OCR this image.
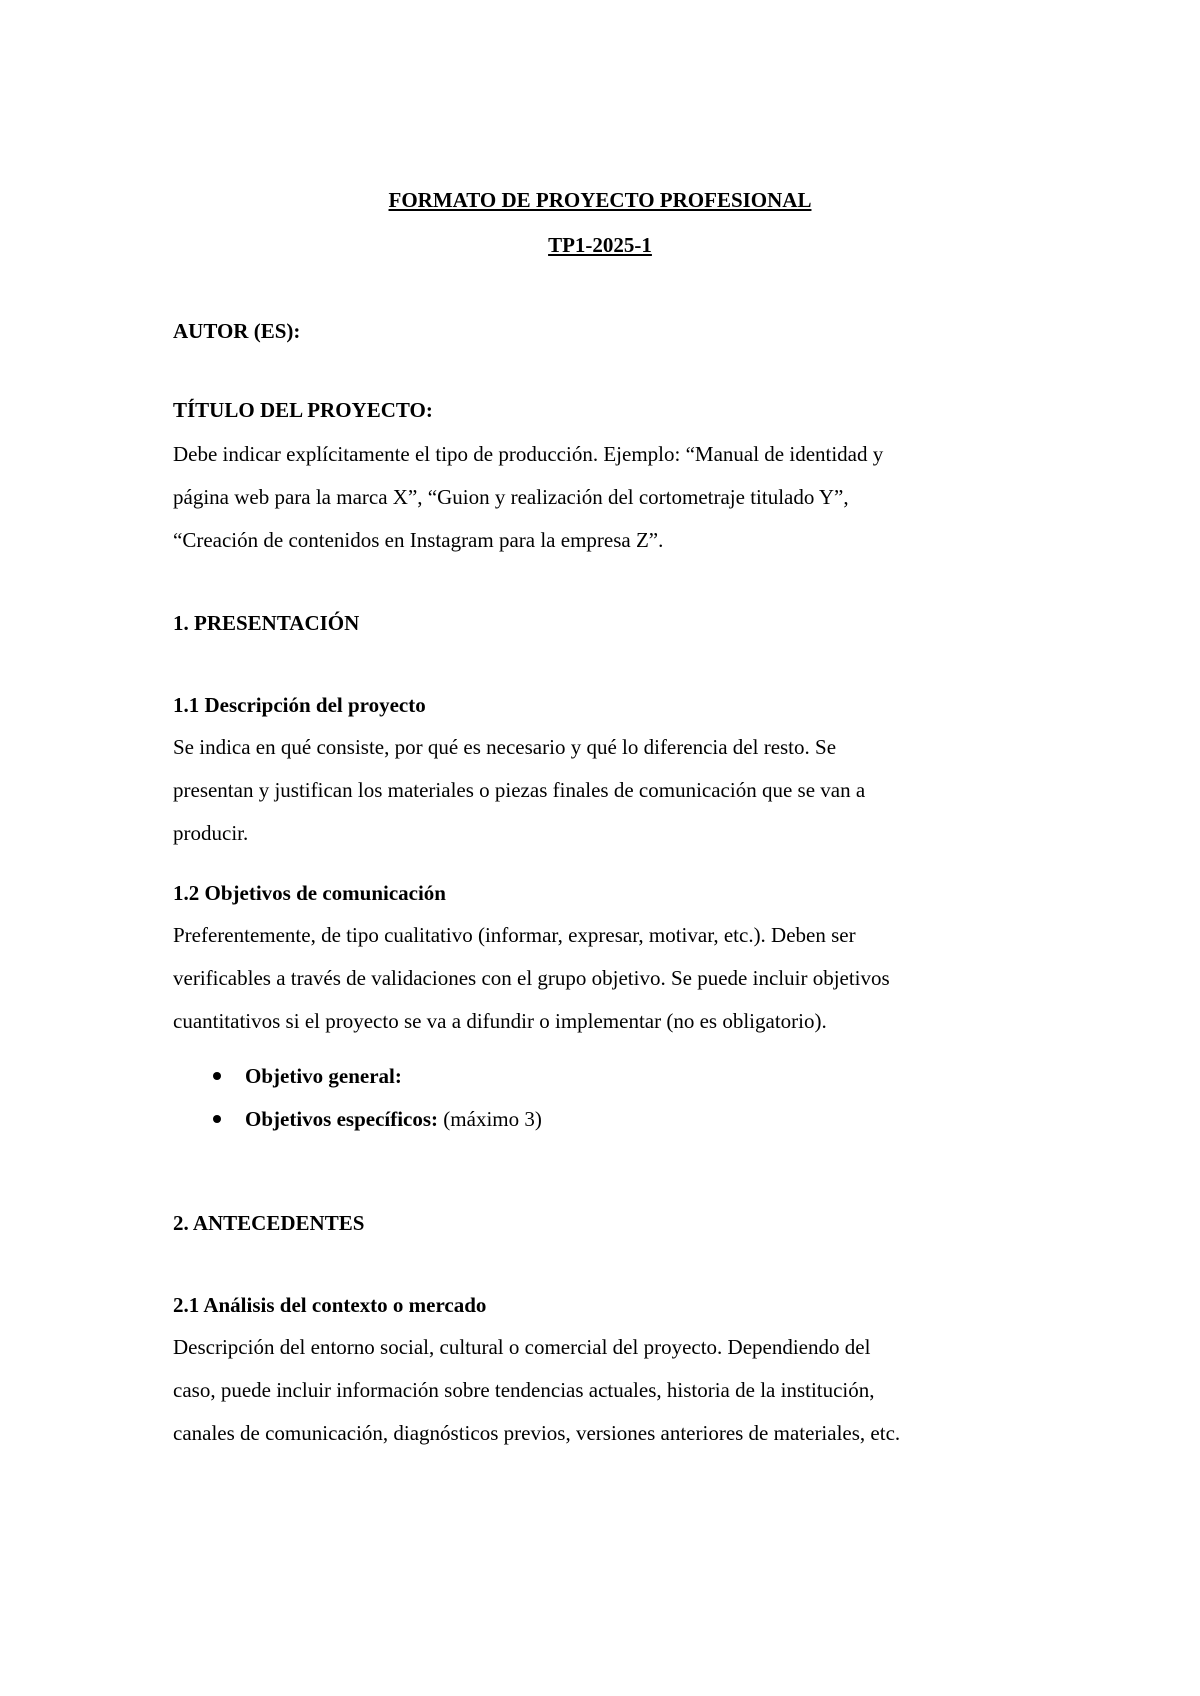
FORMATO DE PROYECTO PROFESIONAL
TP1-2025-1
AUTOR (ES):
TÍTULO DEL PROYECTO:
Debe indicar explícitamente el tipo de producción. Ejemplo: “Manual de identidad y
página web para la marca X”, “Guion y realización del cortometraje titulado Y”,
“Creación de contenidos en Instagram para la empresa Z”.
1. PRESENTACIÓN
1.1 Descripción del proyecto
Se indica en qué consiste, por qué es necesario y qué lo diferencia del resto. Se
presentan y justifican los materiales o piezas finales de comunicación que se van a
producir.
1.2 Objetivos de comunicación
Preferentemente, de tipo cualitativo (informar, expresar, motivar, etc.). Deben ser
verificables a través de validaciones con el grupo objetivo. Se puede incluir objetivos
cuantitativos si el proyecto se va a difundir o implementar (no es obligatorio).
Objetivo general:
Objetivos específicos: (máximo 3)
2. ANTECEDENTES
2.1 Análisis del contexto o mercado
Descripción del entorno social, cultural o comercial del proyecto. Dependiendo del
caso, puede incluir información sobre tendencias actuales, historia de la institución,
canales de comunicación, diagnósticos previos, versiones anteriores de materiales, etc.
